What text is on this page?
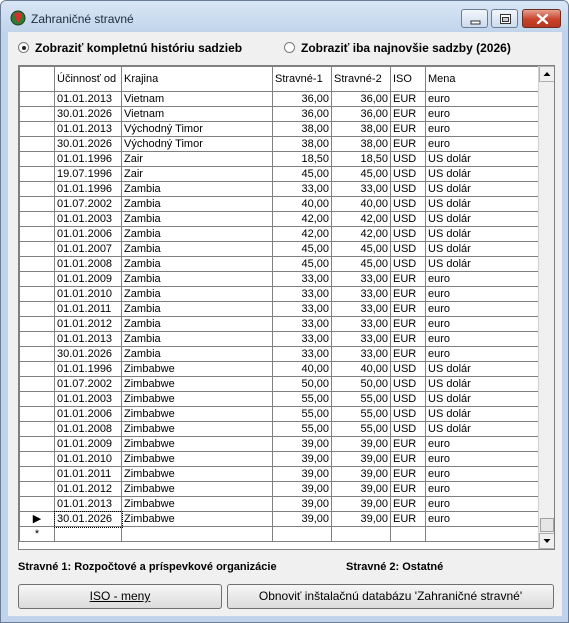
Zahraničné stravné
Zobraziť kompletnú históriu sadzieb	Zobraziť iba najnovšie sadzby (2026)
	Účinnosť od	Krajina	Stravné-1	Stravné-2	ISO	Mena
	01.01.2013	Vietnam	36,00	36,00	EUR	euro
	30.01.2026	Vietnam	36,00	36,00	EUR	euro
	01.01.2013	Východný Timor	38,00	38,00	EUR	euro
	30.01.2026	Východný Timor	38,00	38,00	EUR	euro
	01.01.1996	Zair	18,50	18,50	USD	US dolár
	19.07.1996	Zair	45,00	45,00	USD	US dolár
	01.01.1996	Zambia	33,00	33,00	USD	US dolár
	01.07.2002	Zambia	40,00	40,00	USD	US dolár
	01.01.2003	Zambia	42,00	42,00	USD	US dolár
	01.01.2006	Zambia	42,00	42,00	USD	US dolár
	01.01.2007	Zambia	45,00	45,00	USD	US dolár
	01.01.2008	Zambia	45,00	45,00	USD	US dolár
	01.01.2009	Zambia	33,00	33,00	EUR	euro
	01.01.2010	Zambia	33,00	33,00	EUR	euro
	01.01.2011	Zambia	33,00	33,00	EUR	euro
	01.01.2012	Zambia	33,00	33,00	EUR	euro
	01.01.2013	Zambia	33,00	33,00	EUR	euro
	30.01.2026	Zambia	33,00	33,00	EUR	euro
	01.01.1996	Zimbabwe	40,00	40,00	USD	US dolár
	01.07.2002	Zimbabwe	50,00	50,00	USD	US dolár
	01.01.2003	Zimbabwe	55,00	55,00	USD	US dolár
	01.01.2006	Zimbabwe	55,00	55,00	USD	US dolár
	01.01.2008	Zimbabwe	55,00	55,00	USD	US dolár
	01.01.2009	Zimbabwe	39,00	39,00	EUR	euro
	01.01.2010	Zimbabwe	39,00	39,00	EUR	euro
	01.01.2011	Zimbabwe	39,00	39,00	EUR	euro
	01.01.2012	Zimbabwe	39,00	39,00	EUR	euro
	01.01.2013	Zimbabwe	39,00	39,00	EUR	euro
▶	30.01.2026	Zimbabwe	39,00	39,00	EUR	euro
*						
Stravné 1: Rozpočtové a príspevkové organizácie	Stravné 2: Ostatné
ISO - meny	Obnoviť inštalačnú databázu 'Zahraničné stravné'
